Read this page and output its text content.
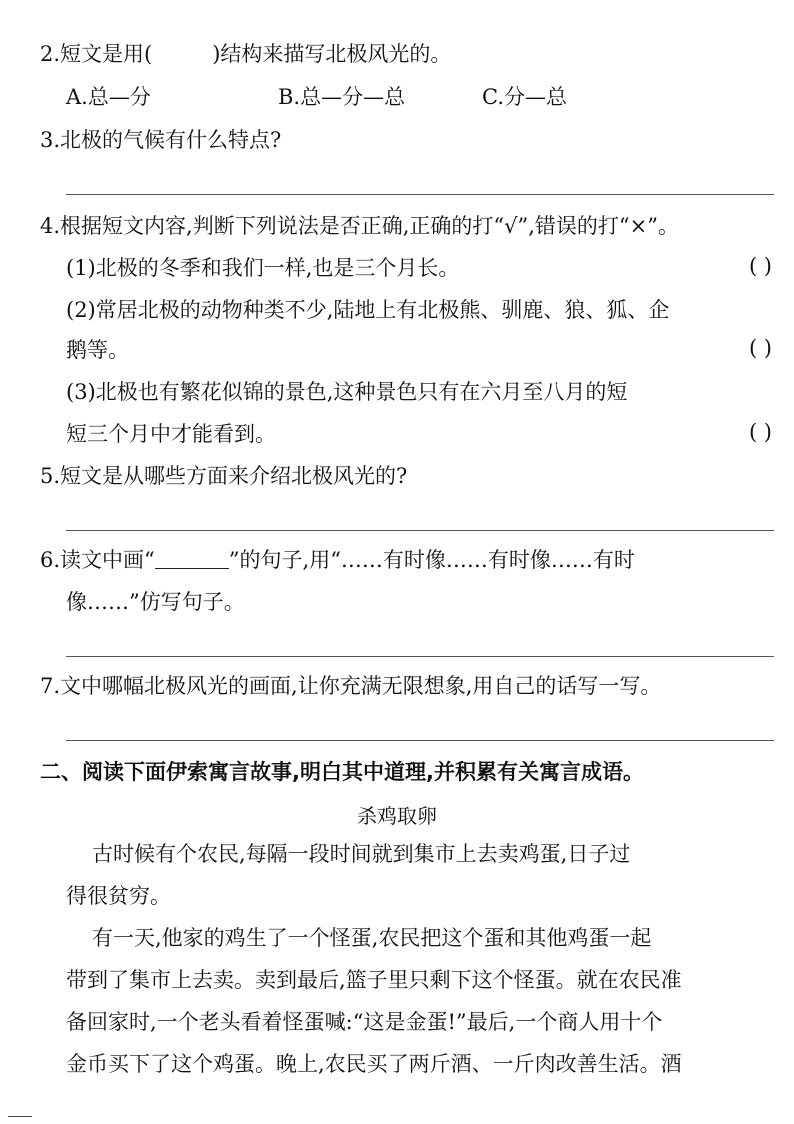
2.短文是用(	)结构来描写北极风光的。
A.总—分	B.总—分—总	C.分—总
3.北极的气候有什么特点?
4.根据短文内容,判断下列说法是否正确,正确的打“√”,错误的打“×”。
(1)北极的冬季和我们一样,也是三个月长。	( )
(2)常居北极的动物种类不少,陆地上有北极熊、驯鹿、狼、狐、企
鹅等。	( )
(3)北极也有繁花似锦的景色,这种景色只有在六月至八月的短
短三个月中才能看到。	( )
5.短文是从哪些方面来介绍北极风光的?
6.读文中画“	”的句子,用“……有时像……有时像……有时
像……”仿写句子。
7.文中哪幅北极风光的画面,让你充满无限想象,用自己的话写一写。
二、阅读下面伊索寓言故事,明白其中道理,并积累有关寓言成语。
杀鸡取卵
古时候有个农民,每隔一段时间就到集市上去卖鸡蛋,日子过
得很贫穷。
有一天,他家的鸡生了一个怪蛋,农民把这个蛋和其他鸡蛋一起
带到了集市上去卖。卖到最后,篮子里只剩下这个怪蛋。就在农民准
备回家时,一个老头看着怪蛋喊:“这是金蛋!”最后,一个商人用十个
金币买下了这个鸡蛋。晚上,农民买了两斤酒、一斤肉改善生活。酒
